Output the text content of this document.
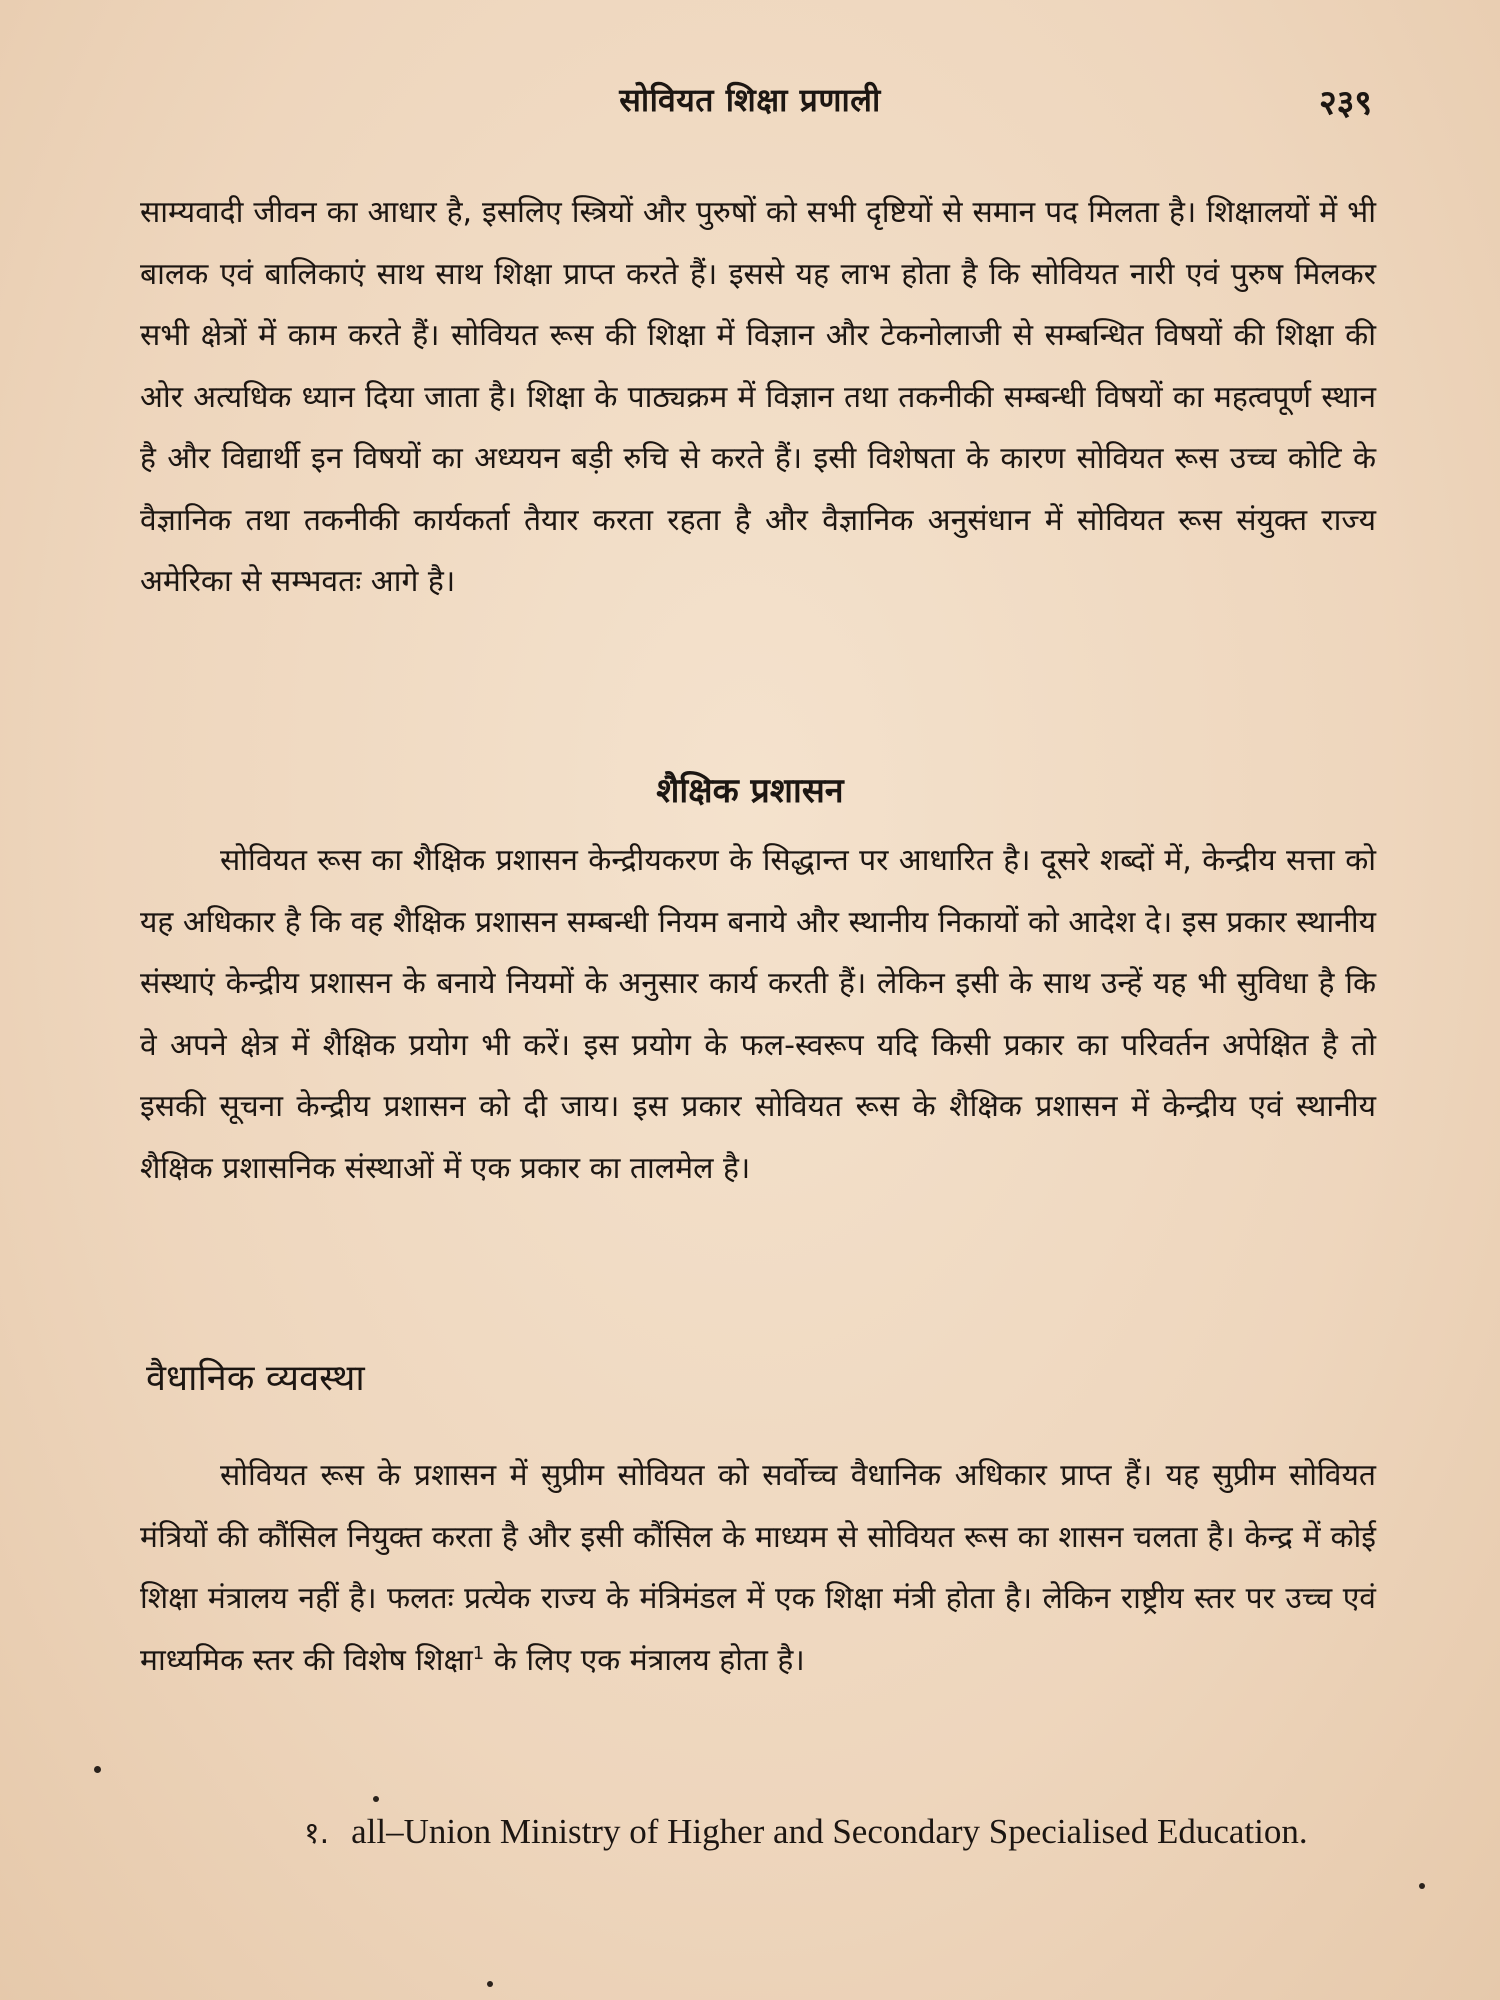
सोवियत शिक्षा प्रणाली	२३९

साम्यवादी जीवन का आधार है, इसलिए स्त्रियों और पुरुषों को सभी दृष्टियों से समान पद मिलता है। शिक्षालयों में भी बालक एवं बालिकाएं साथ साथ शिक्षा प्राप्त करते हैं। इससे यह लाभ होता है कि सोवियत नारी एवं पुरुष मिलकर सभी क्षेत्रों में काम करते हैं। सोवियत रूस की शिक्षा में विज्ञान और टेकनोलाजी से सम्बन्धित विषयों की शिक्षा की ओर अत्यधिक ध्यान दिया जाता है। शिक्षा के पाठ्यक्रम में विज्ञान तथा तकनीकी सम्बन्धी विषयों का महत्वपूर्ण स्थान है और विद्यार्थी इन विषयों का अध्ययन बड़ी रुचि से करते हैं। इसी विशेषता के कारण सोवियत रूस उच्च कोटि के वैज्ञानिक तथा तकनीकी कार्यकर्ता तैयार करता रहता है और वैज्ञानिक अनुसंधान में सोवियत रूस संयुक्त राज्य अमेरिका से सम्भवतः आगे है।

शैक्षिक प्रशासन

सोवियत रूस का शैक्षिक प्रशासन केन्द्रीयकरण के सिद्धान्त पर आधारित है। दूसरे शब्दों में, केन्द्रीय सत्ता को यह अधिकार है कि वह शैक्षिक प्रशासन सम्बन्धी नियम बनाये और स्थानीय निकायों को आदेश दे। इस प्रकार स्थानीय संस्थाएं केन्द्रीय प्रशासन के बनाये नियमों के अनुसार कार्य करती हैं। लेकिन इसी के साथ उन्हें यह भी सुविधा है कि वे अपने क्षेत्र में शैक्षिक प्रयोग भी करें। इस प्रयोग के फल-स्वरूप यदि किसी प्रकार का परिवर्तन अपेक्षित है तो इसकी सूचना केन्द्रीय प्रशासन को दी जाय। इस प्रकार सोवियत रूस के शैक्षिक प्रशासन में केन्द्रीय एवं स्थानीय शैक्षिक प्रशासनिक संस्थाओं में एक प्रकार का तालमेल है।

वैधानिक व्यवस्था

सोवियत रूस के प्रशासन में सुप्रीम सोवियत को सर्वोच्च वैधानिक अधिकार प्राप्त हैं। यह सुप्रीम सोवियत मंत्रियों की कौंसिल नियुक्त करता है और इसी कौंसिल के माध्यम से सोवियत रूस का शासन चलता है। केन्द्र में कोई शिक्षा मंत्रालय नहीं है। फलतः प्रत्येक राज्य के मंत्रिमंडल में एक शिक्षा मंत्री होता है। लेकिन राष्ट्रीय स्तर पर उच्च एवं माध्यमिक स्तर की विशेष शिक्षा$^1$ के लिए एक मंत्रालय होता है।

१. all–Union Ministry of Higher and Secondary Specialised Education.
